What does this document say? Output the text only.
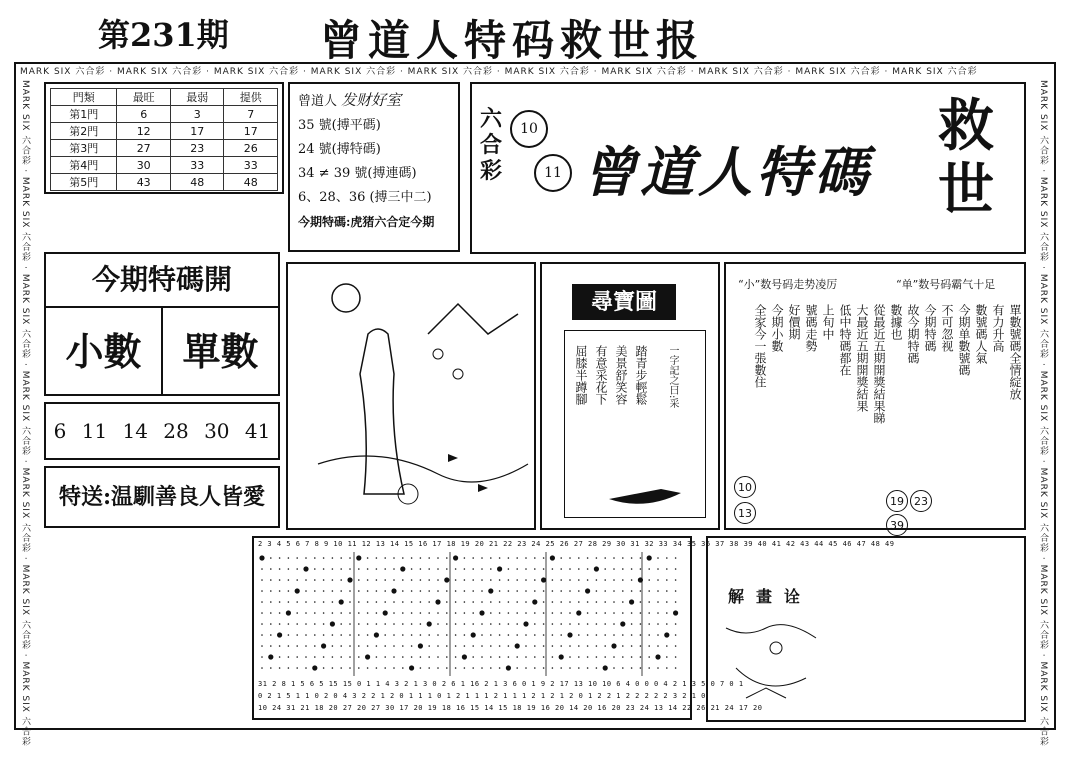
第231期 曾道人特码救世报
MARK SIX 六合彩 · MARK SIX 六合彩 · MARK SIX 六合彩 · MARK SIX 六合彩 · MARK SIX 六合彩 · MARK SIX 六合彩 · MARK SIX 六合彩 · MARK SIX 六合彩 · MARK SIX 六合彩 · MARK SIX 六合彩
MARK SIX 六合彩 · MARK SIX 六合彩 · MARK SIX 六合彩 · MARK SIX 六合彩 · MARK SIX 六合彩 · MARK SIX 六合彩 · MARK SIX 六合彩	MARK SIX 六合彩 · MARK SIX 六合彩 · MARK SIX 六合彩 · MARK SIX 六合彩 · MARK SIX 六合彩 · MARK SIX 六合彩 · MARK SIX 六合彩
門類	最旺	最弱	提供
第1門	6	3	7
第2門	12	17	17
第3門	27	23	26
第4門	30	33	33
第5門	43	48	48
曾道人 发财好室
35 號(搏平碼)
24 號(搏特碼)
34 ≠ 39 號(搏連碼)
6、28、36 (搏三中二)
今期特碼:虎猪六合定今期
六合彩
10
11 曾道人特碼
救世
今期特碼開
小數	單數
6 11 14 28 30 41
特送:温馴善良人皆愛
尋寶圖
屈膝半蹲腳 有意采花下 美景舒笑容 踏青步輕鬆 一字記之曰:采
“小”数号码走势凌厉	“单”数号码霸气十足
從最近五期開獎結果睇
大最近五期開獎結果
低中特碼都在
上旬中
號碼走勢
好價期
今期小數
全家今一張數住	單數號碼全情綻放
有力升高
數號碼人氣
今期单數號碼
不可忽视
今期特碼
故今期特碼
數據也
10
13
19 23
39
2 3 4 5 6 7 8 9 10 11 12 13 14 15 16 17 18 19 20 21 22 23 24 25 26 27 28 29 30 31 32 33 34 35 36 37 38 39 40 41 42 43 44 45 46 47 48 49
31 2 8 1 5 6 5 15 15 0 1 1 4 3 2 1 3 0 2 6 1 16 2 1 3 6 0 1 9 2 17 13 10 10 6 4 0 0 0 4 2 1 3 5 0 7 0 1
0 2 1 5 1 1 0 2 0 4 3 2 2 1 2 0 1 1 1 0 1 2 1 1 1 2 1 1 1 2 1 2 1 2 0 1 2 2 1 2 2 2 2 2 3 2 1 0
10 24 31 21 18 20 27 20 27 30 17 20 19 18 16 15 14 15 18 19 16 20 14 20 16 20 23 24 13 14 22 26 21 24 17 20
解畫诠
